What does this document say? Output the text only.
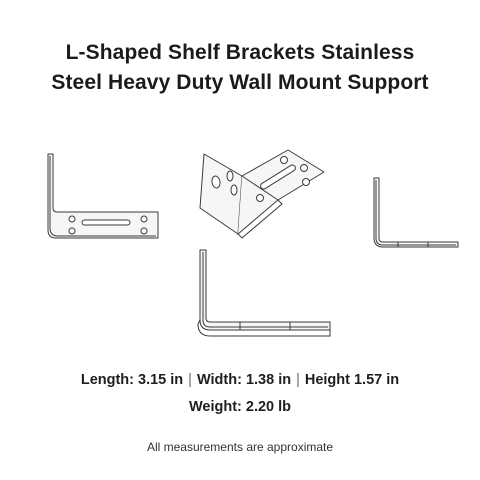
L-Shaped Shelf Brackets Stainless
Steel Heavy Duty Wall Mount Support
Length: 3.15 in | Width: 1.38 in | Height 1.57 in
Weight: 2.20 lb
All measurements are approximate
